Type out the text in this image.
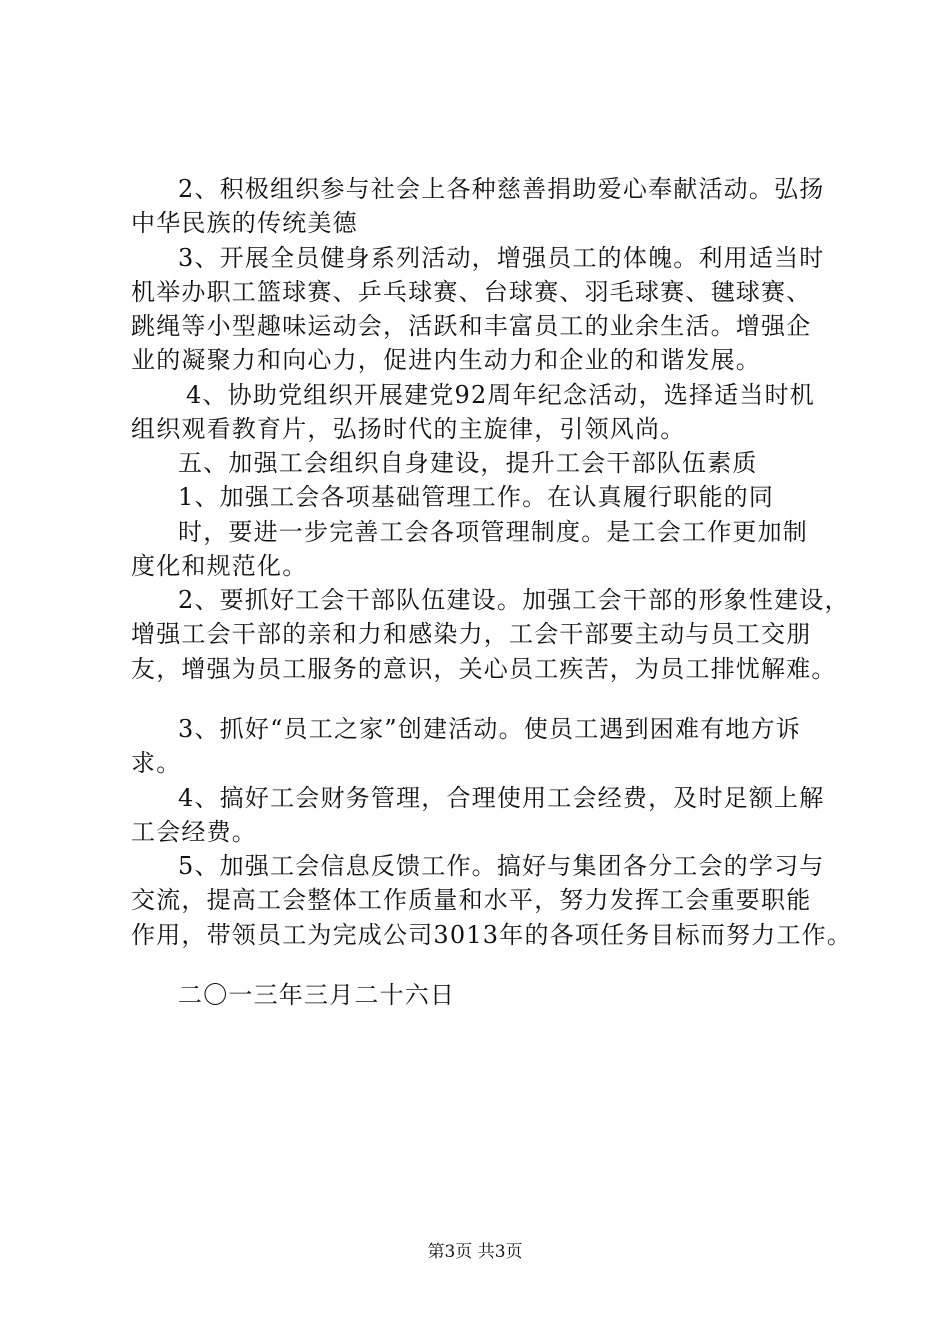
2、积极组织参与社会上各种慈善捐助爱心奉献活动。弘扬
中华民族的传统美德
3、开展全员健身系列活动，增强员工的体魄。利用适当时
机举办职工篮球赛、乒乓球赛、台球赛、羽毛球赛、毽球赛、
跳绳等小型趣味运动会，活跃和丰富员工的业余生活。增强企
业的凝聚力和向心力，促进内生动力和企业的和谐发展。
4、协助党组织开展建党92周年纪念活动，选择适当时机
组织观看教育片，弘扬时代的主旋律，引领风尚。
五、加强工会组织自身建设，提升工会干部队伍素质
1、加强工会各项基础管理工作。在认真履行职能的同
时，要进一步完善工会各项管理制度。是工会工作更加制
度化和规范化。
2、要抓好工会干部队伍建设。加强工会干部的形象性建设，
增强工会干部的亲和力和感染力，工会干部要主动与员工交朋
友，增强为员工服务的意识，关心员工疾苦，为员工排忧解难。
3、抓好“员工之家”创建活动。使员工遇到困难有地方诉
求。
4、搞好工会财务管理，合理使用工会经费，及时足额上解
工会经费。
5、加强工会信息反馈工作。搞好与集团各分工会的学习与
交流，提高工会整体工作质量和水平，努力发挥工会重要职能
作用，带领员工为完成公司3013年的各项任务目标而努力工作。
二〇一三年三月二十六日
第3页 共3页
